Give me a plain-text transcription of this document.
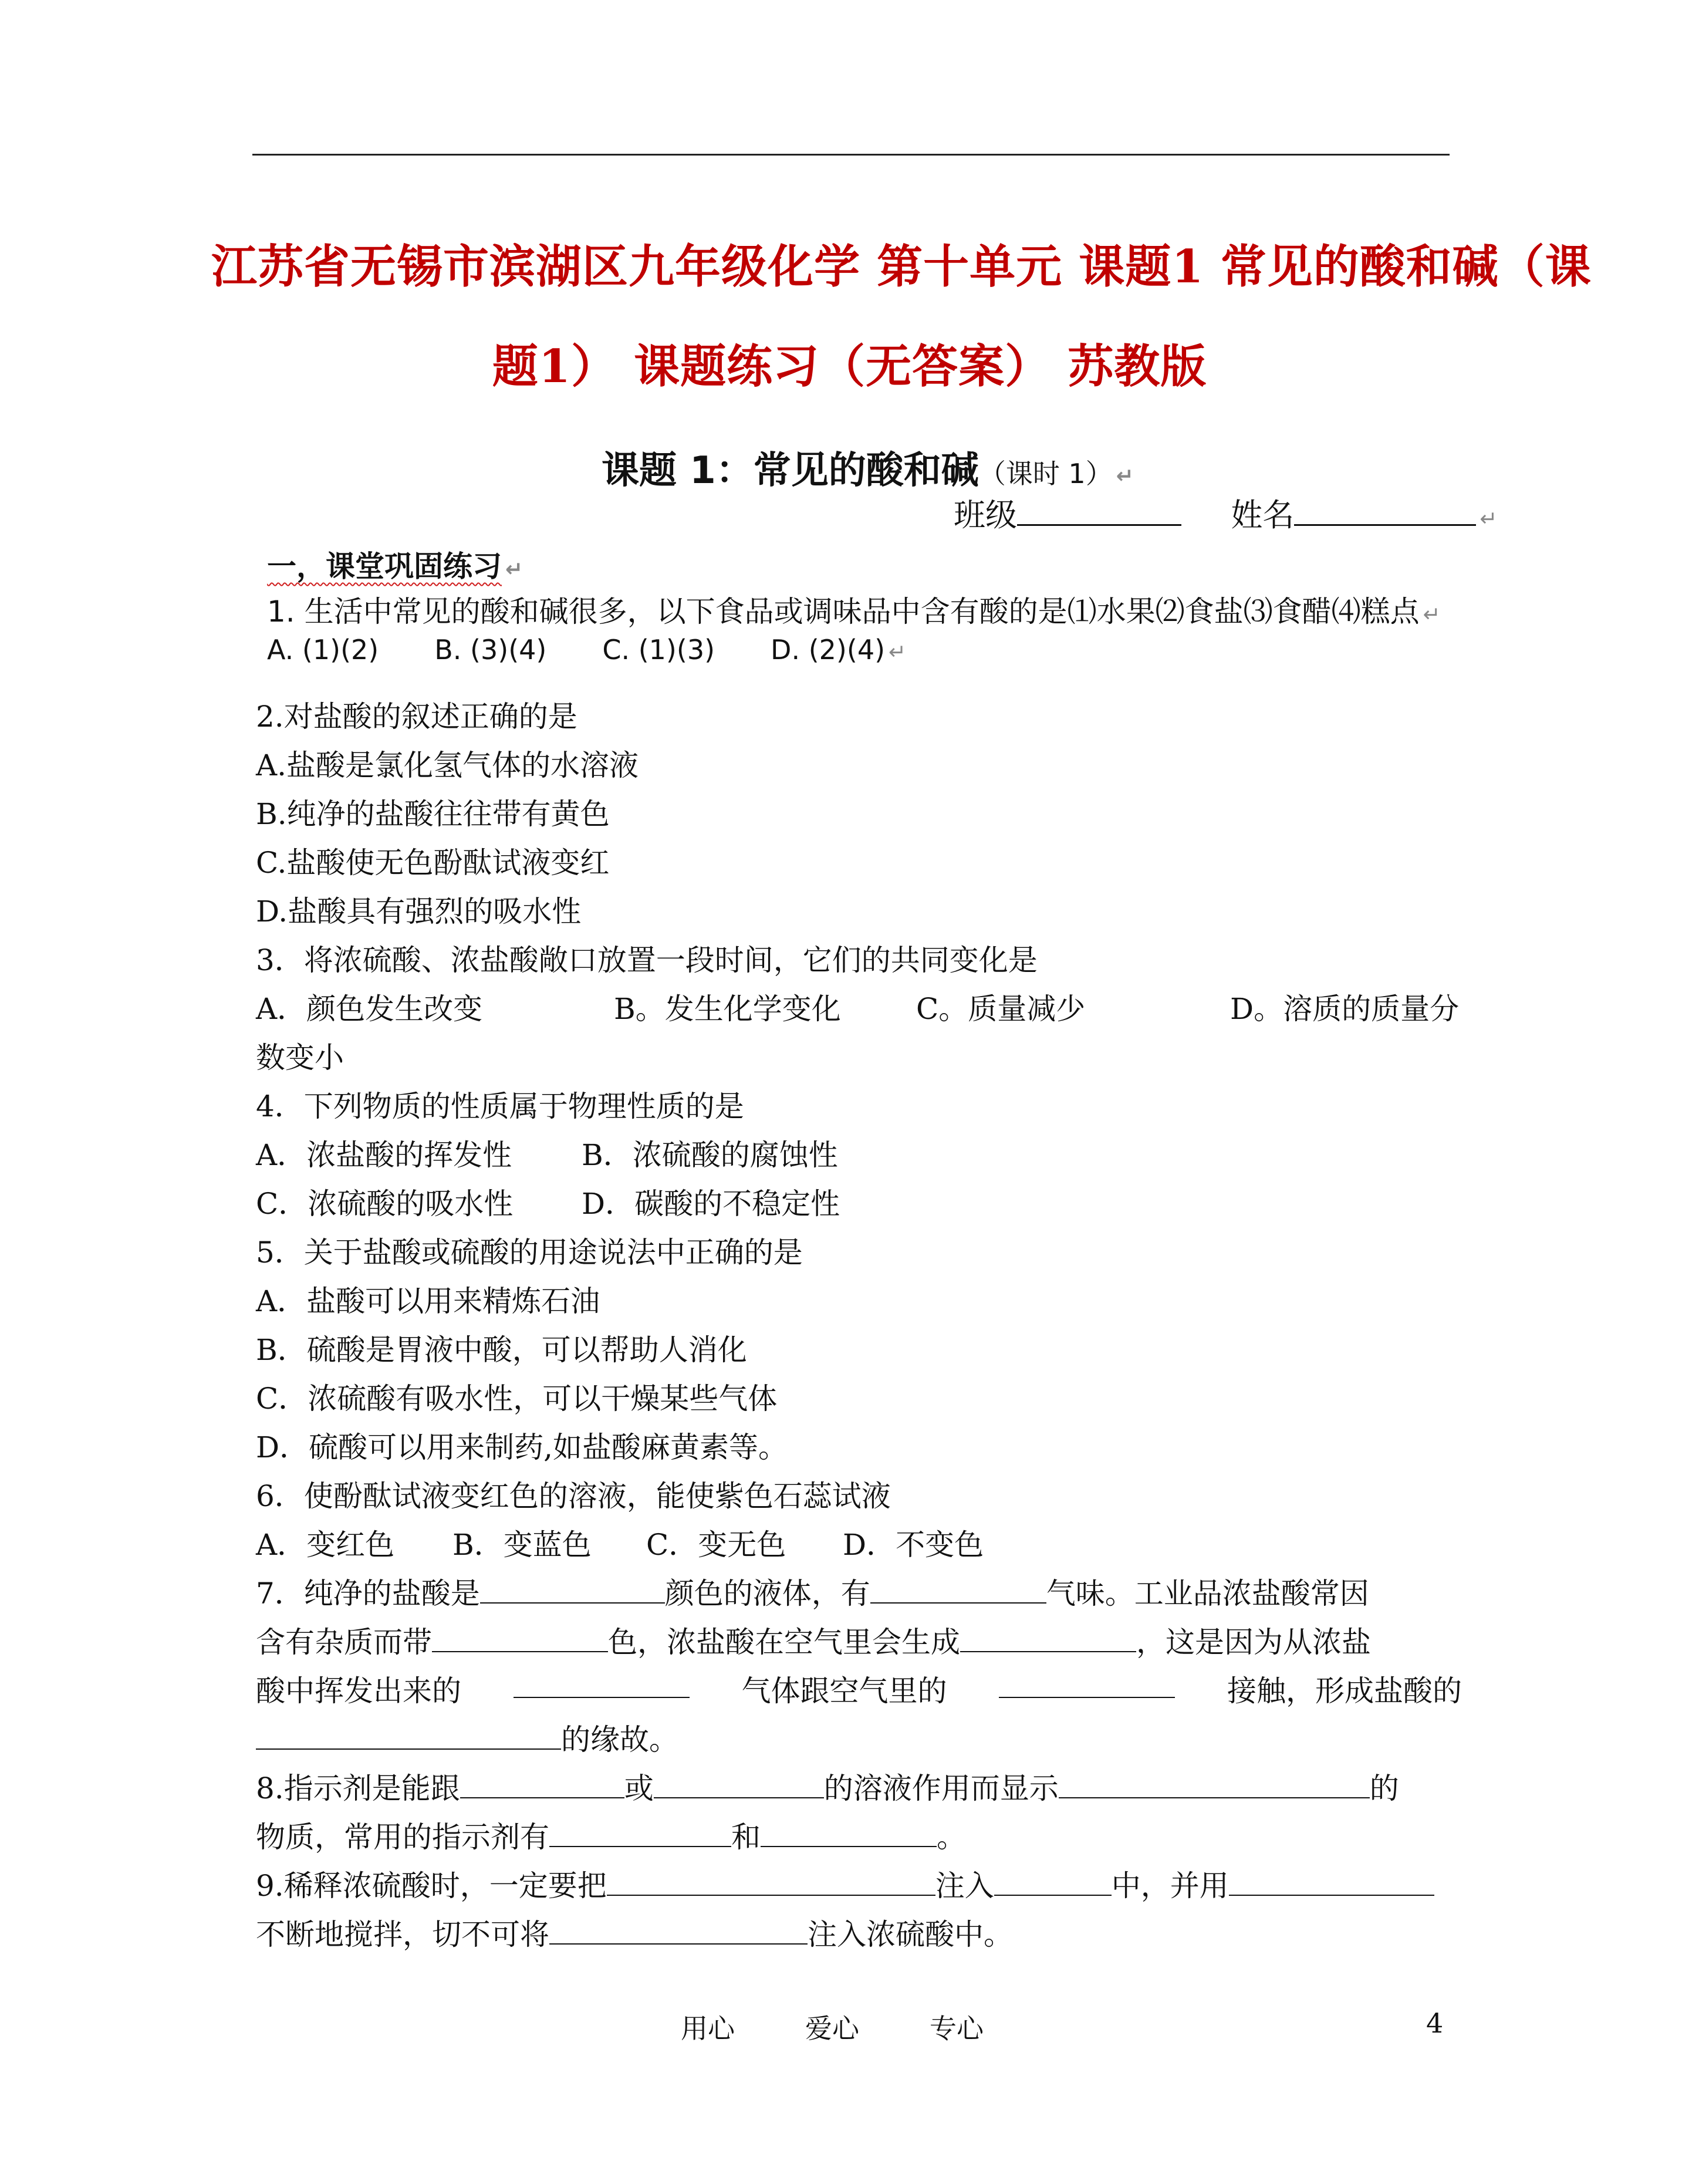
江苏省无锡市滨湖区九年级化学 第十单元 课题1 常见的酸和碱（课
题1） 课题练习（无答案） 苏教版
课题 1：常见的酸和碱（课时 1） ↵
班级	姓名	↵
一，课堂巩固练习 ↵
1. 生活中常见的酸和碱很多，以下食品或调味品中含有酸的是⑴水果⑵食盐⑶食醋⑷糕点 ↵
A. (1)(2) B. (3)(4) C. (1)(3) D. (2)(4) ↵
2.对盐酸的叙述正确的是
A.盐酸是氯化氢气体的水溶液
B.纯净的盐酸往往带有黄色
C.盐酸使无色酚酞试液变红
D.盐酸具有强烈的吸水性
3．将浓硫酸、浓盐酸敞口放置一段时间，它们的共同变化是
A．颜色发生改变	B。发生化学变化	C。质量减少	D。溶质的质量分
数变小
4．下列物质的性质属于物理性质的是
A．浓盐酸的挥发性 B．浓硫酸的腐蚀性
C．浓硫酸的吸水性 D．碳酸的不稳定性
5．关于盐酸或硫酸的用途说法中正确的是
A．盐酸可以用来精炼石油
B．硫酸是胃液中酸，可以帮助人消化
C．浓硫酸有吸水性，可以干燥某些气体
D．硫酸可以用来制药,如盐酸麻黄素等。
6．使酚酞试液变红色的溶液，能使紫色石蕊试液
A．变红色 B．变蓝色 C．变无色 D．不变色
7．纯净的盐酸是	颜色的液体，有	气味。工业品浓盐酸常因
含有杂质而带	色，浓盐酸在空气里会生成	，这是因为从浓盐
酸中挥发出来的	气体跟空气里的	接触，形成盐酸的
的缘故。
8.指示剂是能跟	或	的溶液作用而显示	的
物质，常用的指示剂有	和	。
9.稀释浓硫酸时，一定要把	注入	中，并用
不断地搅拌，切不可将	注入浓硫酸中。
用心	爱心	专心	4
